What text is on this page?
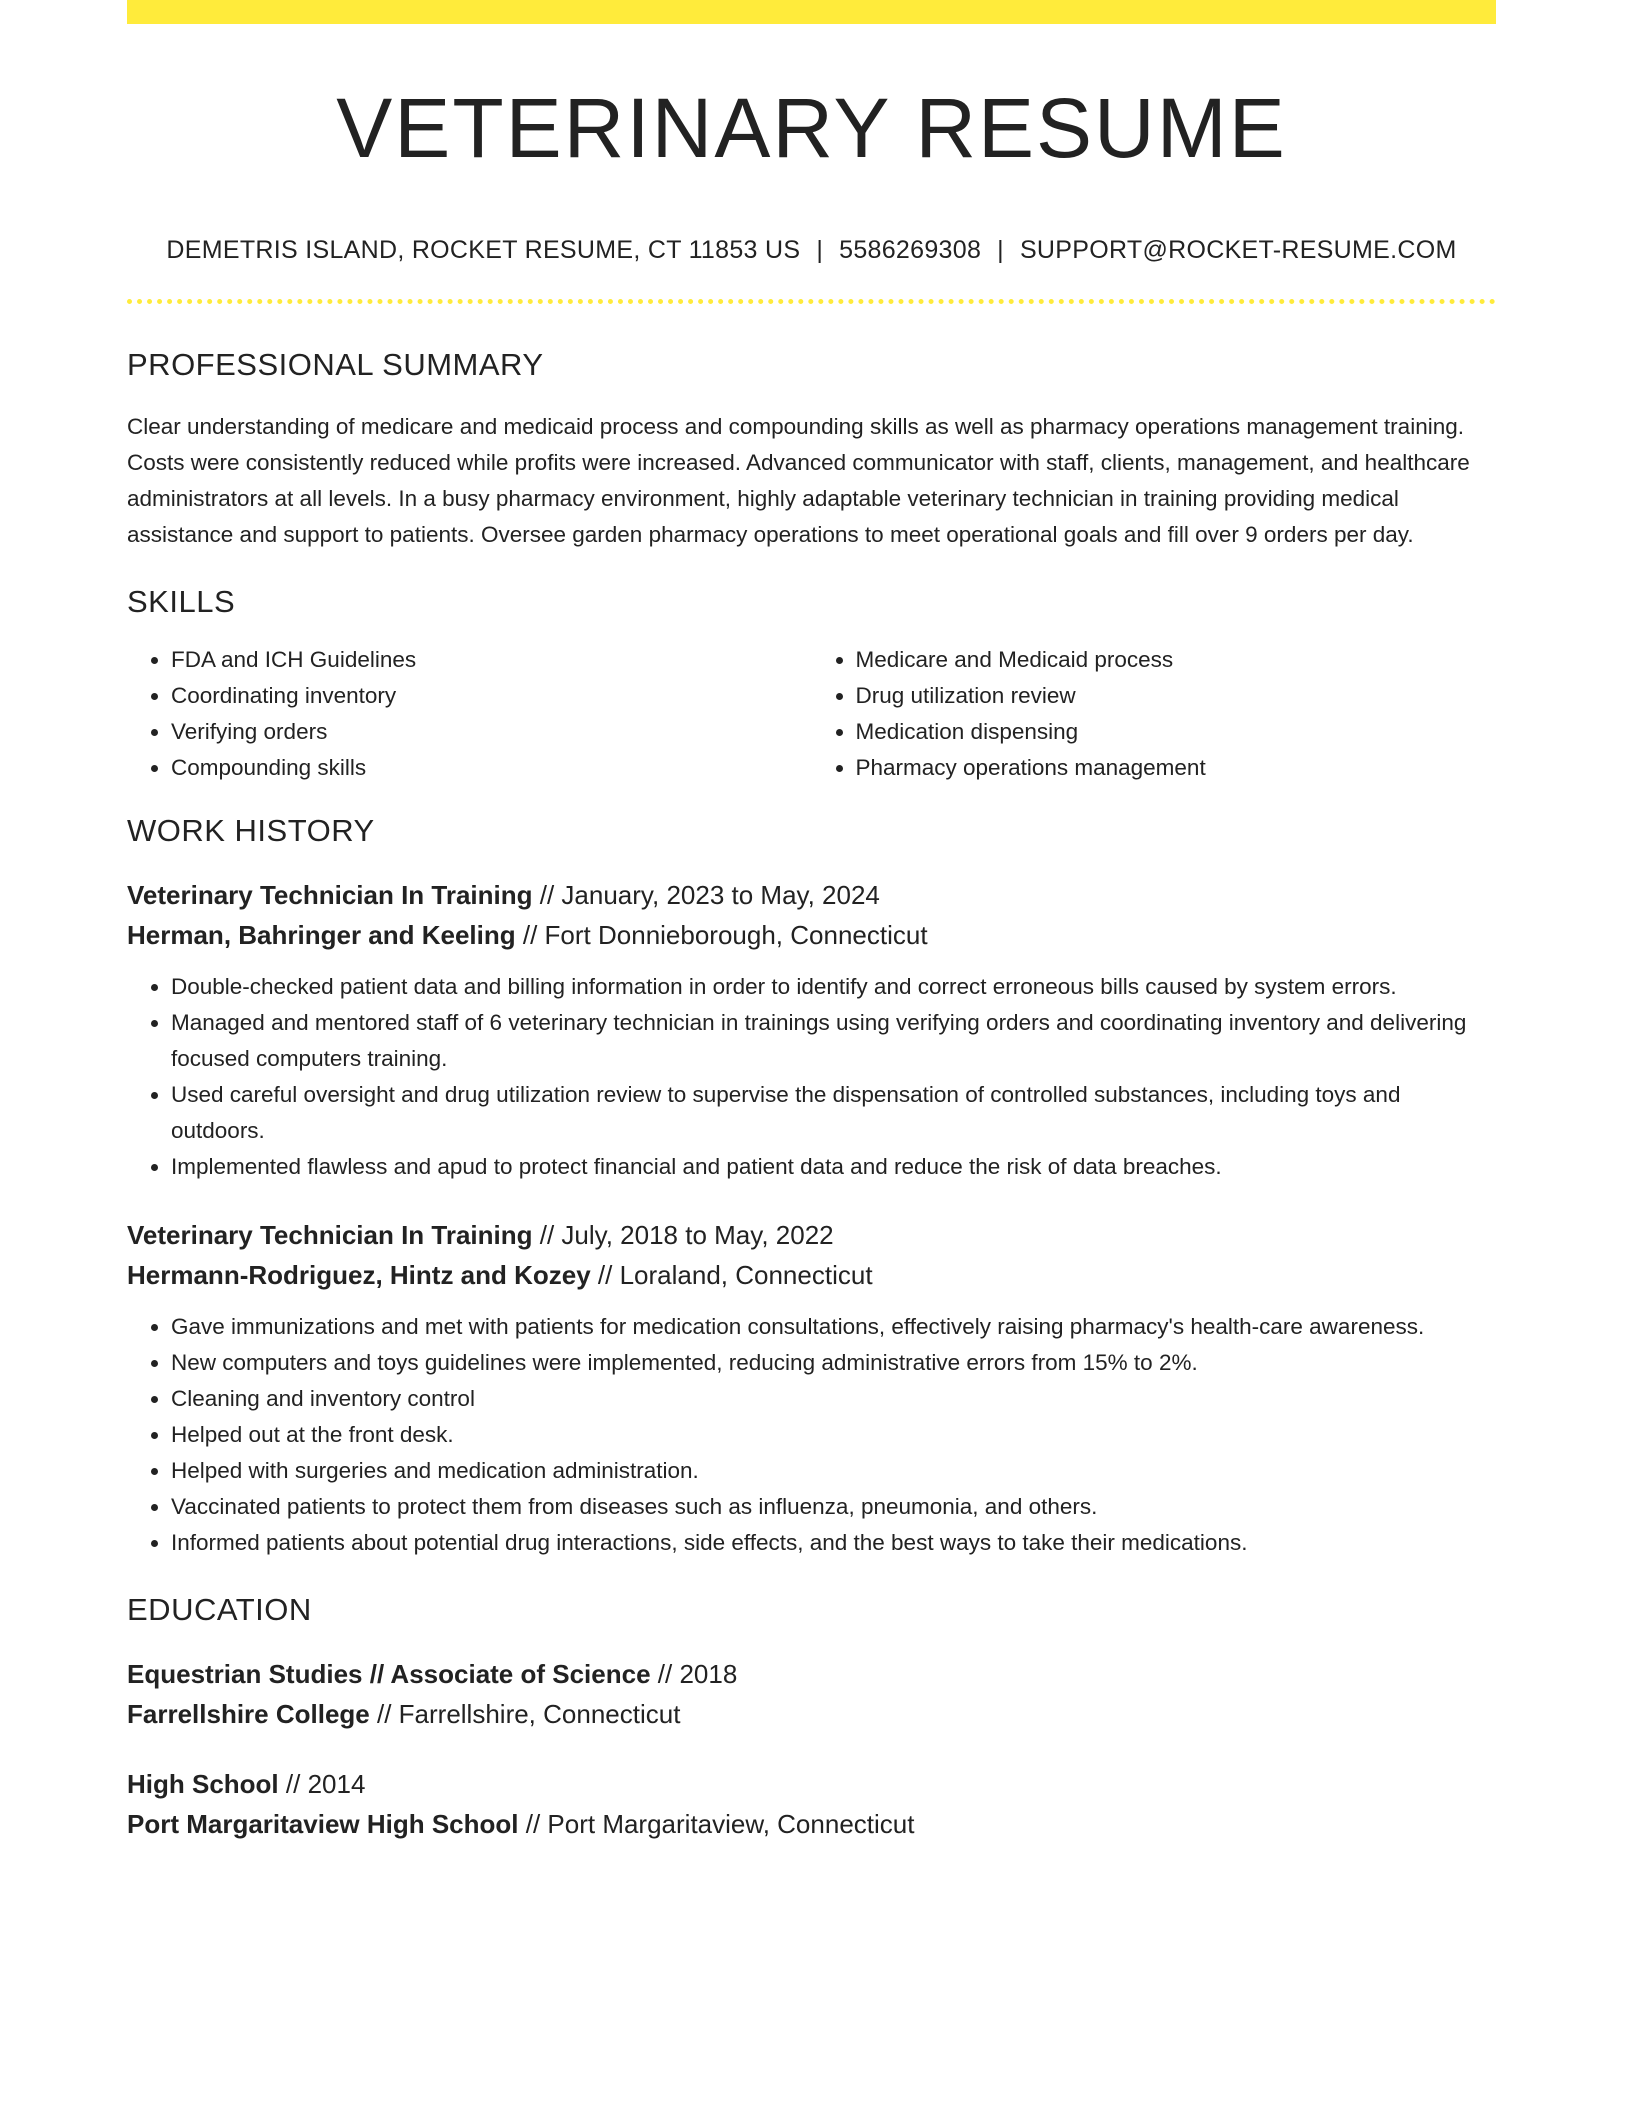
VETERINARY RESUME
DEMETRIS ISLAND, ROCKET RESUME, CT 11853 US | 5586269308 | SUPPORT@ROCKET-RESUME.COM
PROFESSIONAL SUMMARY

Clear understanding of medicare and medicaid process and compounding skills as well as pharmacy operations management training. Costs were consistently reduced while profits were increased. Advanced communicator with staff, clients, management, and healthcare administrators at all levels. In a busy pharmacy environment, highly adaptable veterinary technician in training providing medical assistance and support to patients. Oversee garden pharmacy operations to meet operational goals and fill over 9 orders per day.

SKILLS
• FDA and ICH Guidelines
• Coordinating inventory
• Verifying orders
• Compounding skills
• Medicare and Medicaid process
• Drug utilization review
• Medication dispensing
• Pharmacy operations management
WORK HISTORY
Veterinary Technician In Training // January, 2023 to May, 2024
Herman, Bahringer and Keeling // Fort Donnieborough, Connecticut
• Double-checked patient data and billing information in order to identify and correct erroneous bills caused by system errors.
• Managed and mentored staff of 6 veterinary technician in trainings using verifying orders and coordinating inventory and delivering focused computers training.
• Used careful oversight and drug utilization review to supervise the dispensation of controlled substances, including toys and outdoors.
• Implemented flawless and apud to protect financial and patient data and reduce the risk of data breaches.
Veterinary Technician In Training // July, 2018 to May, 2022
Hermann-Rodriguez, Hintz and Kozey // Loraland, Connecticut
• Gave immunizations and met with patients for medication consultations, effectively raising pharmacy's health-care awareness.
• New computers and toys guidelines were implemented, reducing administrative errors from 15% to 2%.
• Cleaning and inventory control
• Helped out at the front desk.
• Helped with surgeries and medication administration.
• Vaccinated patients to protect them from diseases such as influenza, pneumonia, and others.
• Informed patients about potential drug interactions, side effects, and the best ways to take their medications.
EDUCATION
Equestrian Studies // Associate of Science // 2018
Farrellshire College // Farrellshire, Connecticut
High School // 2014
Port Margaritaview High School // Port Margaritaview, Connecticut
